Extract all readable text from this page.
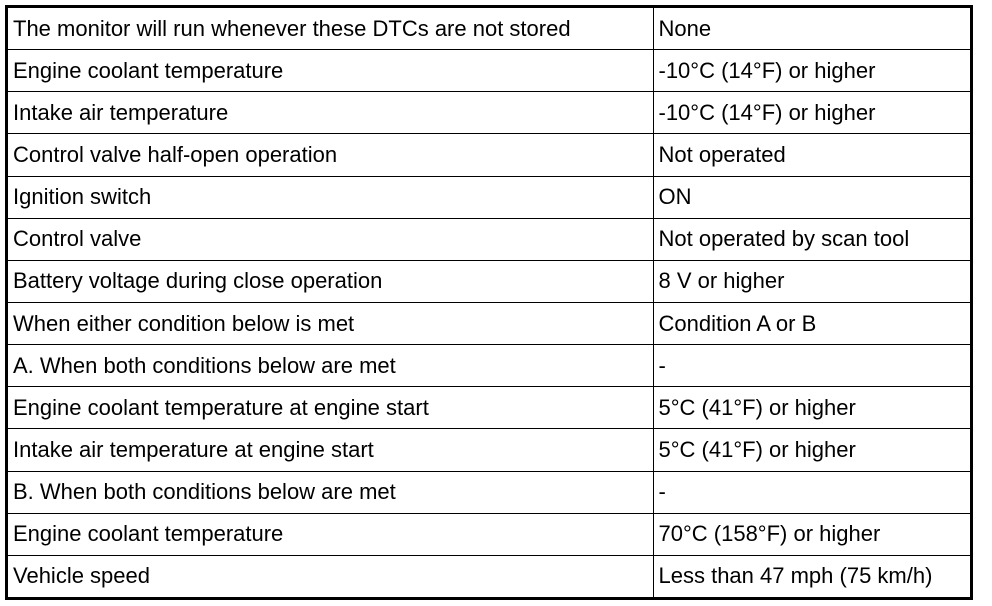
The monitor will run whenever these DTCs are not stored	None
Engine coolant temperature	-10°C (14°F) or higher
Intake air temperature	-10°C (14°F) or higher
Control valve half-open operation	Not operated
Ignition switch	ON
Control valve	Not operated by scan tool
Battery voltage during close operation	8 V or higher
When either condition below is met	Condition A or B
A. When both conditions below are met	-
Engine coolant temperature at engine start	5°C (41°F) or higher
Intake air temperature at engine start	5°C (41°F) or higher
B. When both conditions below are met	-
Engine coolant temperature	70°C (158°F) or higher
Vehicle speed	Less than 47 mph (75 km/h)
